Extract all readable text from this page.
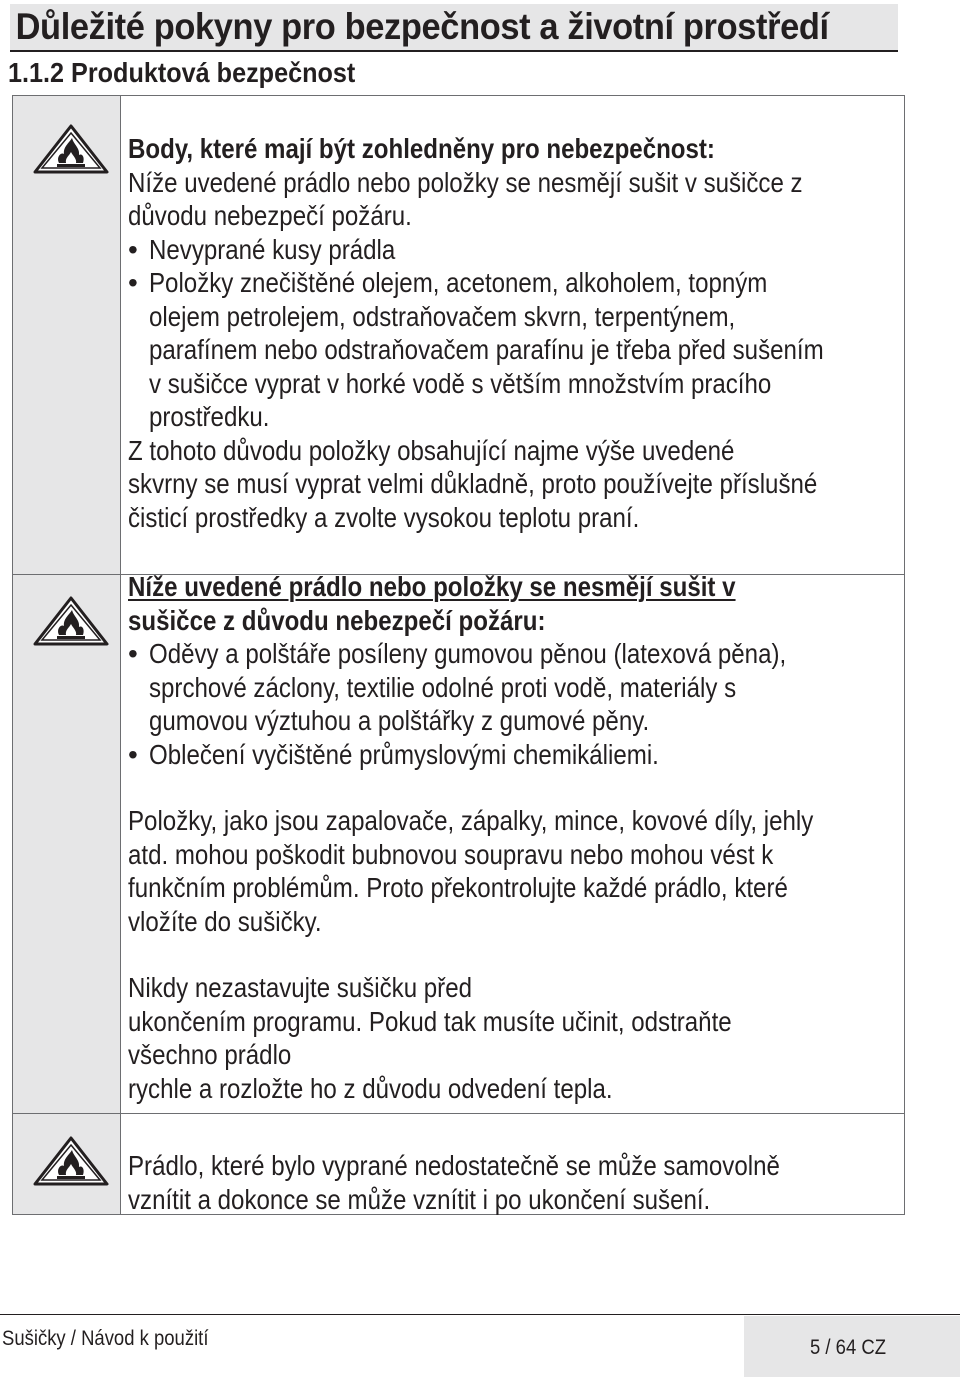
Důležité pokyny pro bezpečnost a životní prostředí
1.1.2 Produktová bezpečnost

Body, které mají být zohledněny pro nebezpečnost:

Níže uvedené prádlo nebo položky se nesmějí sušit v sušičce z

důvodu nebezpečí požáru.

• Nevyprané kusy prádla
• Položky znečištěné olejem, acetonem, alkoholem, topným
olejem petrolejem, odstraňovačem skvrn, terpentýnem,
parafínem nebo odstraňovačem parafínu je třeba před sušením
v sušičce vyprat v horké vodě s větším množstvím pracího
prostředku.

Z tohoto důvodu položky obsahující najme výše uvedené

skvrny se musí vyprat velmi důkladně, proto používejte příslušné

čisticí prostředky a zvolte vysokou teplotu praní.

Níže uvedené prádlo nebo položky se nesmějí sušit v

sušičce z důvodu nebezpečí požáru:

• Oděvy a polštáře posíleny gumovou pěnou (latexová pěna),
sprchové záclony, textilie odolné proti vodě, materiály s
gumovou výztuhou a polštářky z gumové pěny.
• Oblečení vyčištěné průmyslovými chemikáliemi.

Položky, jako jsou zapalovače, zápalky, mince, kovové díly, jehly

atd. mohou poškodit bubnovou soupravu nebo mohou vést k

funkčním problémům. Proto překontrolujte každé prádlo, které

vložíte do sušičky.

Nikdy nezastavujte sušičku před

ukončením programu. Pokud tak musíte učinit, odstraňte

všechno prádlo

rychle a rozložte ho z důvodu odvedení tepla.

Prádlo, které bylo vyprané nedostatečně se může samovolně

vznítit a dokonce se může vznítit i po ukončení sušení.

Sušičky / Návod k použití	5 / 64 CZ
